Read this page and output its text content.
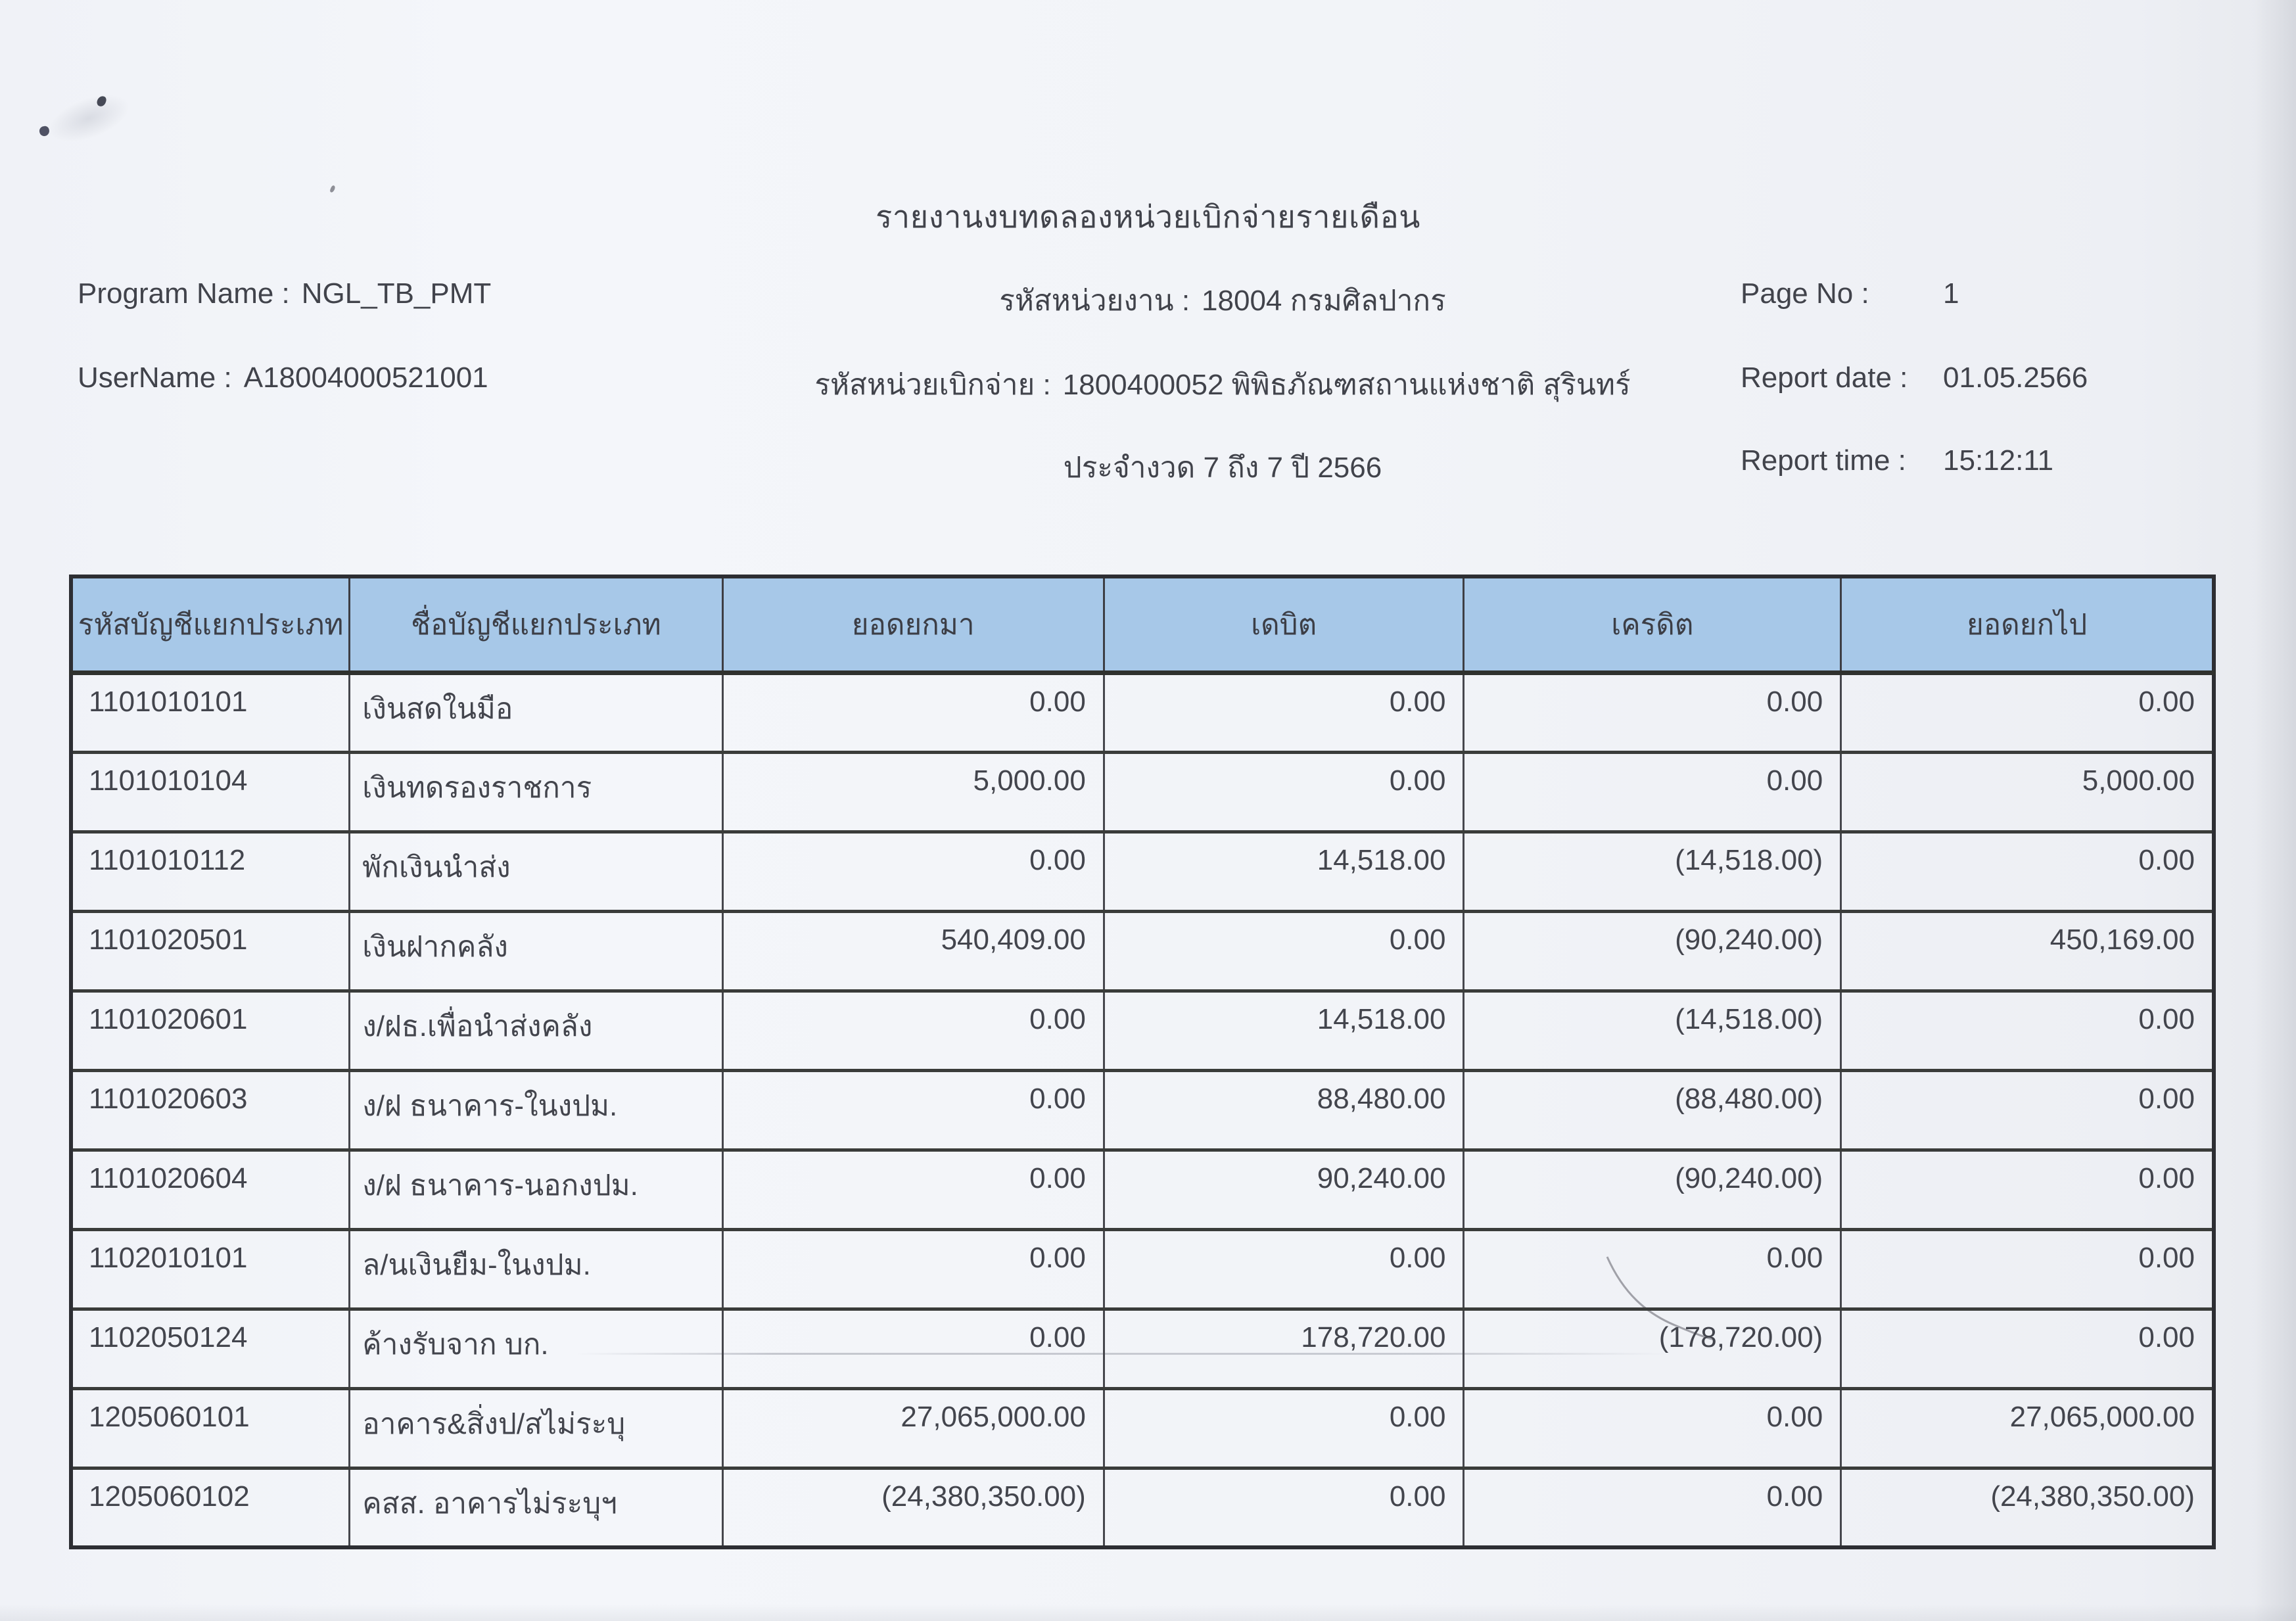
รายงานงบทดลองหน่วยเบิกจ่ายรายเดือน
Program Name : NGL_TB_PMT
UserName : A18004000521001
รหัสหน่วยงาน : 18004 กรมศิลปากร
รหัสหน่วยเบิกจ่าย : 1800400052 พิพิธภัณฑสถานแห่งชาติ สุรินทร์
ประจำงวด 7 ถึง 7 ปี 2566
Page No :	1
Report date : 01.05.2566
Report time : 15:12:11
รหัสบัญชีแยกประเภท	ชื่อบัญชีแยกประเภท	ยอดยกมา	เดบิต	เครดิต	ยอดยกไป
1101010101	เงินสดในมือ	0.00	0.00	0.00	0.00
1101010104	เงินทดรองราชการ	5,000.00	0.00	0.00	5,000.00
1101010112	พักเงินนำส่ง	0.00	14,518.00	(14,518.00)	0.00
1101020501	เงินฝากคลัง	540,409.00	0.00	(90,240.00)	450,169.00
1101020601	ง/ฝธ.เพื่อนำส่งคลัง	0.00	14,518.00	(14,518.00)	0.00
1101020603	ง/ฝ ธนาคาร-ในงปม.	0.00	88,480.00	(88,480.00)	0.00
1101020604	ง/ฝ ธนาคาร-นอกงปม.	0.00	90,240.00	(90,240.00)	0.00
1102010101	ล/นเงินยืม-ในงปม.	0.00	0.00	0.00	0.00
1102050124	ค้างรับจาก บก.	0.00	178,720.00	(178,720.00)	0.00
1205060101	อาคาร&สิ่งป/สไม่ระบุ	27,065,000.00	0.00	0.00	27,065,000.00
1205060102	คสส. อาคารไม่ระบุฯ	(24,380,350.00)	0.00	0.00	(24,380,350.00)
